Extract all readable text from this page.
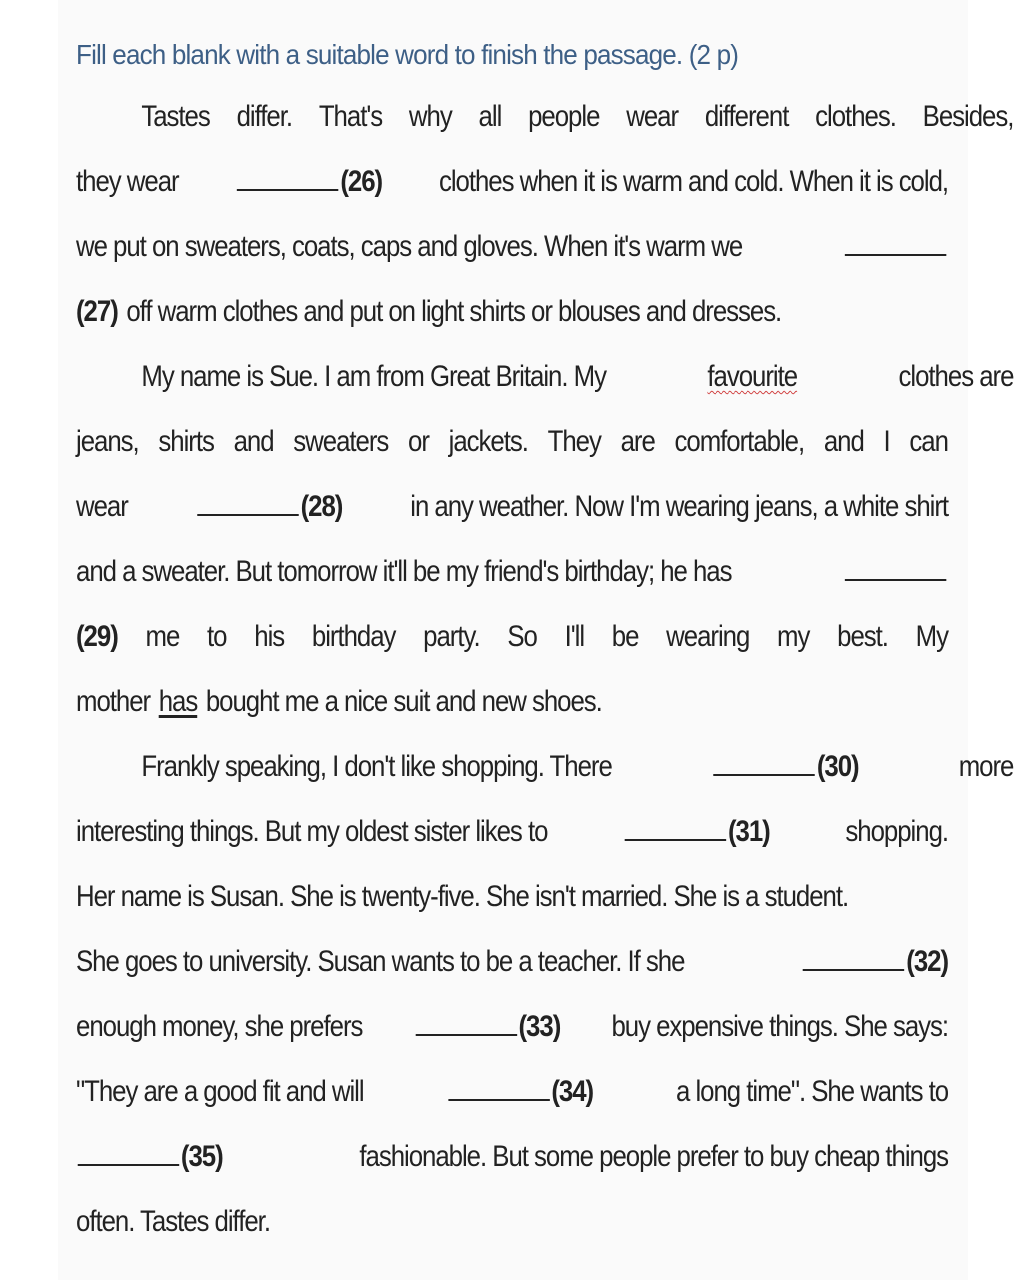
Fill each blank with a suitable word to finish the passage. (2 p)
Tastes differ. That's why all people wear different clothes. Besides,
they wear	(26) clothes when it is warm and cold. When it is cold,
we put on sweaters, coats, caps and gloves. When it's warm we
(27) off warm clothes and put on light shirts or blouses and dresses.
My name is Sue. I am from Great Britain. My	favourite	clothes are
jeans, shirts and sweaters or jackets. They are comfortable, and I can
wear	(28) in any weather. Now I'm wearing jeans, a white shirt
and a sweater. But tomorrow it'll be my friend's birthday; he has
(29) me to his birthday party. So I'll be wearing my best. My
mother has bought me a nice suit and new shoes.
Frankly speaking, I don't like shopping. There	(30)	more
interesting things. But my oldest sister likes to	(31)	shopping.
Her name is Susan. She is twenty-five. She isn't married. She is a student.
She goes to university. Susan wants to be a teacher. If she	(32)
enough money, she prefers	(33) buy expensive things. She says:
"They are a good fit and will	(34)	a long time". She wants to
(35)	fashionable. But some people prefer to buy cheap things
often. Tastes differ.
